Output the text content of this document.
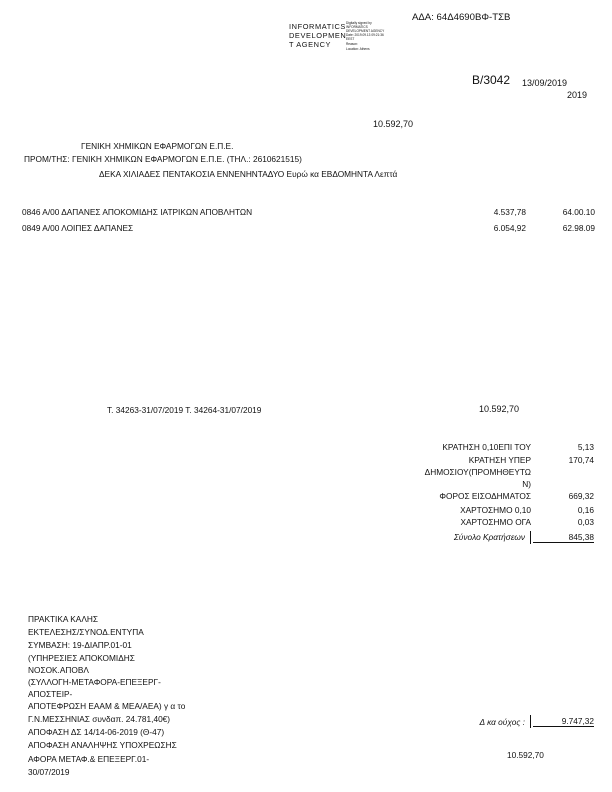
ΑΔΑ: 64Δ4690ΒΦ-ΤΣΒ
INFORMATICS
DEVELOPMEN
T AGENCY
Digitally signed by
INFORMATICS
DEVELOPMENT AGENCY
Date: 2019.09.13 09:21:36
EEST
Reason:
Location: Athens
Β/3042 13/09/2019
2019
10.592,70
ΓΕΝΙΚΗ ΧΗΜΙΚΩΝ ΕΦΑΡΜΟΓΩΝ Ε.Π.Ε.
ΠΡΟΜ/ΤΗΣ: ΓΕΝΙΚΗ ΧΗΜΙΚΩΝ ΕΦΑΡΜΟΓΩΝ Ε.Π.Ε. (ΤΗΛ.: 2610621515)
ΔΕΚΑ ΧΙΛΙΑΔΕΣ ΠΕΝΤΑΚΟΣΙΑ ΕΝΝΕΝΗΝΤΑΔΥΟ Ευρώ κα ΕΒΔΟΜΗΝΤΑ Λεπτά
0846 Α/00 ΔΑΠΑΝΕΣ ΑΠΟΚΟΜΙΔΗΣ ΙΑΤΡΙΚΩΝ ΑΠΟΒΛΗΤΩΝ	4.537,78	64.00.10
0849 Α/00 ΛΟΙΠΕΣ ΔΑΠΑΝΕΣ	6.054,92	62.98.09
Τ. 34263-31/07/2019 Τ. 34264-31/07/2019	10.592,70
ΚΡΑΤΗΣΗ 0,10ΕΠΙ ΤΟΥ	5,13
ΚΡΑΤΗΣΗ ΥΠΕΡ	170,74
ΔΗΜΟΣΙΟΥ(ΠΡΟΜΗΘΕΥΤΩ
Ν)
ΦΟΡΟΣ ΕΙΣΟΔΗΜΑΤΟΣ	669,32
ΧΑΡΤΟΣΗΜΟ 0,10	0,16
ΧΑΡΤΟΣΗΜΟ ΟΓΑ	0,03
Σύνολο Κρατήσεων	845,38
ΠΡΑΚΤΙΚΑ ΚΑΛΗΣ
ΕΚΤΕΛΕΣΗΣ/ΣΥΝΟΔ.ΕΝΤΥΠΑ
ΣΥΜΒΑΣΗ: 19-ΔΙΑΠΡ.01-01
(ΥΠΗΡΕΣΙΕΣ ΑΠΟΚΟΜΙΔΗΣ
ΝΟΣΟΚ.ΑΠΟΒΛ
(ΣΥΛΛΟΓΗ-ΜΕΤΑΦΟΡΑ-ΕΠΕΞΕΡΓ-
ΑΠΟΣΤΕΙΡ-
ΑΠΟΤΕΦΡΩΣΗ ΕΑΑΜ & ΜΕΑ/ΑΕΑ) γ α το
Γ.Ν.ΜΕΣΣΗΝΙΑΣ συνδαπ. 24.781,40€)
ΑΠΟΦΑΣΗ ΔΣ 14/14-06-2019 (Θ-47)
ΑΠΟΦΑΣΗ ΑΝΑΛΗΨΗΣ ΥΠΟΧΡΕΩΣΗΣ
ΑΦΟΡΑ ΜΕΤΑΦ.& ΕΠΕΞΕΡΓ.01-
30/07/2019
Δ κα ούχος :	9.747,32
10.592,70
